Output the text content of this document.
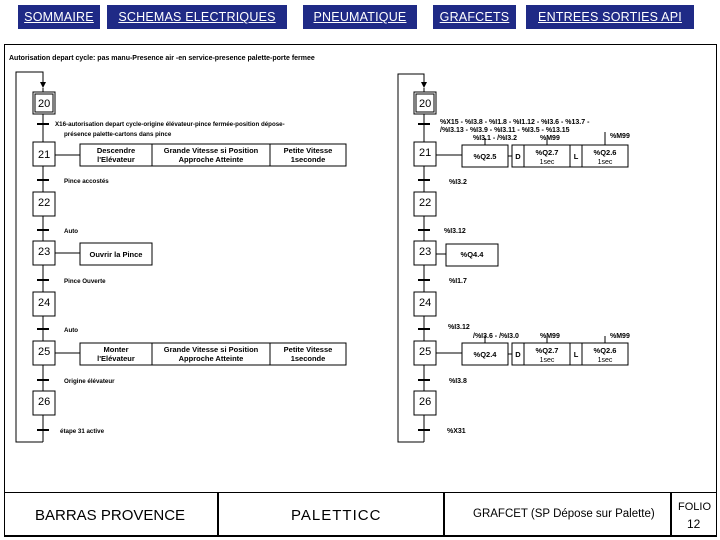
SOMMAIRE	SCHEMAS ELECTRIQUES	PNEUMATIQUE	GRAFCETS	ENTREES SORTIES API
Autorisation depart cycle: pas manu-Presence air -en service-presence palette-porte fermee
20
21
22
23
24
25
26
X16-autorisation depart cycle-origine élévateur-pince fermée-position dépose-
présence palette-cartons dans pince
Pince accostés
Auto
Pince Ouverte
Auto
Origine élévateur
étape 31 active
Descendre
l'Elévateur
Grande Vitesse si Position
Approche Atteinte
Petite Vitesse
1seconde
Ouvrir la Pince
Monter
l'Elévateur
Grande Vitesse si Position
Approche Atteinte
Petite Vitesse
1seconde
20
21
22
23
24
25
26
%X15 - %I3.8 - %I1.8 - %I1.12 - %I3.6 - %13.7 -
/%I3.13 - %I3.9 - %I3.11 - %I3.5 - %13.15
%I3.2
%I3.12
%I1.7
%I3.12
%I3.8
%X31
%I3.1 - /%I3.2	%M99	%M99
%Q2.5	D %Q2.7
1sec
L %Q2.6
1sec
%Q4.4
/%I3.6 - /%I3.0	%M99	%M99
%Q2.4	D %Q2.7
1sec
L %Q2.6
1sec
BARRAS PROVENCE	PALETTICC	GRAFCET (SP Dépose sur Palette)
FOLIO
12
